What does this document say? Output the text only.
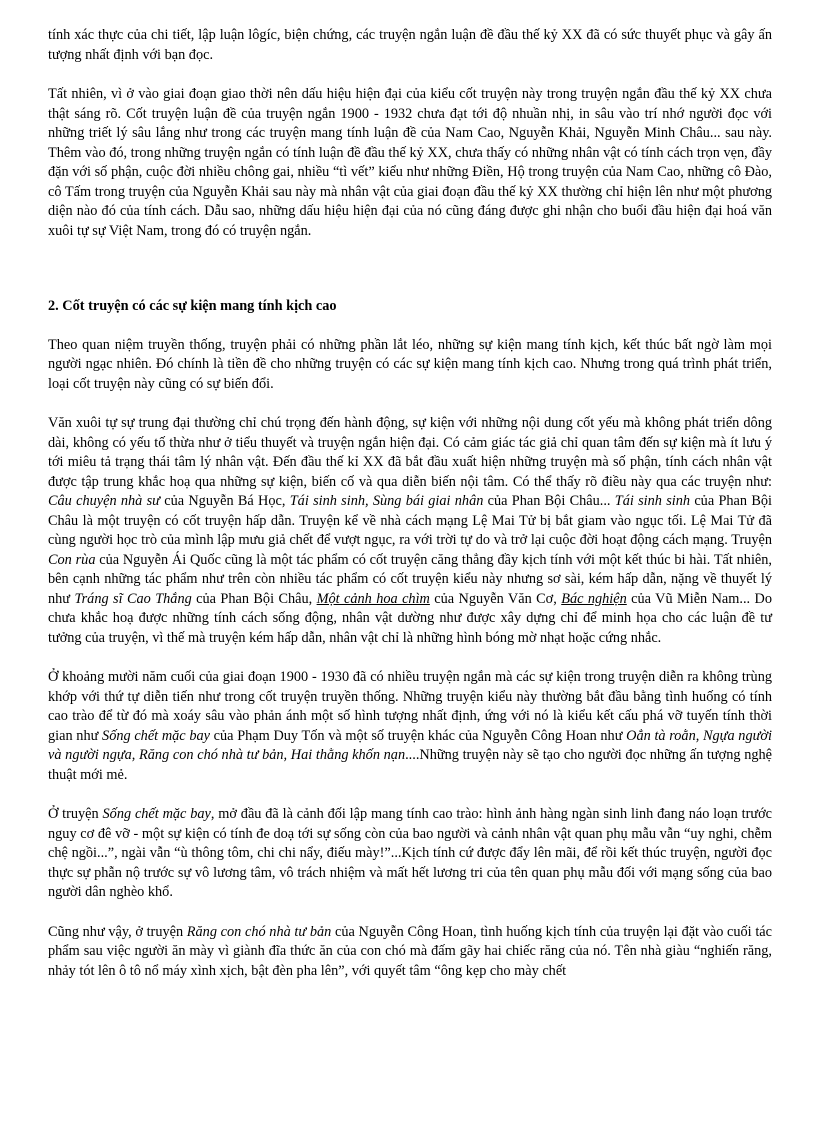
tính xác thực của chi tiết, lập luận lôgíc, biện chứng, các truyện ngắn luận đề đầu thế kỷ XX đã có sức thuyết phục và gây ấn tượng nhất định với bạn đọc.

Tất nhiên, vì ở vào giai đoạn giao thời nên dấu hiệu hiện đại của kiểu cốt truyện này trong truyện ngắn đầu thế kỷ XX chưa thật sáng rõ. Cốt truyện luận đề của truyện ngắn 1900 - 1932 chưa đạt tới độ nhuần nhị, in sâu vào trí nhớ người đọc với những triết lý sâu lắng như trong các truyện mang tính luận đề của Nam Cao, Nguyễn Khải, Nguyễn Minh Châu... sau này. Thêm vào đó, trong những truyện ngắn có tính luận đề đầu thế kỷ XX, chưa thấy có những nhân vật có tính cách trọn vẹn, đầy đặn với số phận, cuộc đời nhiều chông gai, nhiều “tì vết” kiểu như những Điền, Hộ trong truyện của Nam Cao, những cô Đào, cô Tấm trong truyện của Nguyễn Khải sau này mà nhân vật của giai đoạn đầu thế kỷ XX thường chỉ hiện lên như một phương diện nào đó của tính cách. Dẫu sao, những dấu hiệu hiện đại của nó cũng đáng được ghi nhận cho buổi đầu hiện đại hoá văn xuôi tự sự Việt Nam, trong đó có truyện ngắn.

2. Cốt truyện có các sự kiện mang tính kịch cao

Theo quan niệm truyền thống, truyện phải có những phần lắt léo, những sự kiện mang tính kịch, kết thúc bất ngờ làm mọi người ngạc nhiên. Đó chính là tiền đề cho những truyện có các sự kiện mang tính kịch cao. Nhưng trong quá trình phát triển, loại cốt truyện này cũng có sự biến đổi.

Văn xuôi tự sự trung đại thường chỉ chú trọng đến hành động, sự kiện với những nội dung cốt yếu mà không phát triển dông dài, không có yếu tố thừa như ở tiểu thuyết và truyện ngắn hiện đại. Có cảm giác tác giả chỉ quan tâm đến sự kiện mà ít lưu ý tới miêu tả trạng thái tâm lý nhân vật. Đến đầu thế kỉ XX đã bắt đầu xuất hiện những truyện mà số phận, tính cách nhân vật được tập trung khắc hoạ qua những sự kiện, biến cố và qua diễn biến nội tâm. Có thể thấy rõ điều này qua các truyện như: Câu chuyện nhà sư của Nguyễn Bá Học, Tái sinh sinh, Sùng bái giai nhân của Phan Bội Châu... Tái sinh sinh của Phan Bội Châu là một truyện có cốt truyện hấp dẫn. Truyện kể về nhà cách mạng Lệ Mai Tử bị bắt giam vào ngục tối. Lệ Mai Tử đã cùng người học trò của mình lập mưu giả chết để vượt ngục, ra với trời tự do và trở lại cuộc đời hoạt động cách mạng. Truyện Con rùa của Nguyễn Ái Quốc cũng là một tác phẩm có cốt truyện căng thẳng đầy kịch tính với một kết thúc bi hài. Tất nhiên, bên cạnh những tác phẩm như trên còn nhiều tác phẩm có cốt truyện kiểu này nhưng sơ sài, kém hấp dẫn, nặng về thuyết lý như Tráng sĩ Cao Thắng của Phan Bội Châu, Một cảnh hoa chìm của Nguyễn Văn Cơ, Bác nghiện của Vũ Miễn Nam... Do chưa khắc hoạ được những tính cách sống động, nhân vật dường như được xây dựng chỉ để minh họa cho các luận đề tư tưởng của truyện, vì thế mà truyện kém hấp dẫn, nhân vật chỉ là những hình bóng mờ nhạt hoặc cứng nhắc.

Ở khoảng mười năm cuối của giai đoạn 1900 - 1930 đã có nhiều truyện ngắn mà các sự kiện trong truyện diễn ra không trùng khớp với thứ tự diễn tiến như trong cốt truyện truyền thống. Những truyện kiểu này thường bắt đầu bằng tình huống có tính cao trào để từ đó mà xoáy sâu vào phản ánh một số hình tượng nhất định, ứng với nó là kiểu kết cấu phá vỡ tuyến tính thời gian như Sống chết mặc bay của Phạm Duy Tốn và một số truyện khác của Nguyễn Công Hoan như Oẳn tà roằn, Ngựa người và người ngựa, Răng con chó nhà tư bản, Hai thằng khốn nạn....Những truyện này sẽ tạo cho người đọc những ấn tượng nghệ thuật mới mẻ.

Ở truyện Sống chết mặc bay, mở đầu đã là cảnh đối lập mang tính cao trào: hình ảnh hàng ngàn sinh linh đang náo loạn trước nguy cơ đê vỡ - một sự kiện có tính đe doạ tới sự sống còn của bao người và cảnh nhân vật quan phụ mẫu vẫn “uy nghi, chễm chệ ngồi...”, ngài vẫn “ù thông tôm, chi chi nẩy, điếu mày!”...Kịch tính cứ được đẩy lên mãi, để rồi kết thúc truyện, người đọc thực sự phẫn nộ trước sự vô lương tâm, vô trách nhiệm và mất hết lương tri của tên quan phụ mẫu đối với mạng sống của bao người dân nghèo khổ.

Cũng như vậy, ở truyện Răng con chó nhà tư bản của Nguyễn Công Hoan, tình huống kịch tính của truyện lại đặt vào cuối tác phẩm sau việc người ăn mày vì giành đĩa thức ăn của con chó mà đấm gãy hai chiếc răng của nó. Tên nhà giàu “nghiến răng, nhảy tót lên ô tô nổ máy xình xịch, bật đèn pha lên”, với quyết tâm “ông kẹp cho mày chết
